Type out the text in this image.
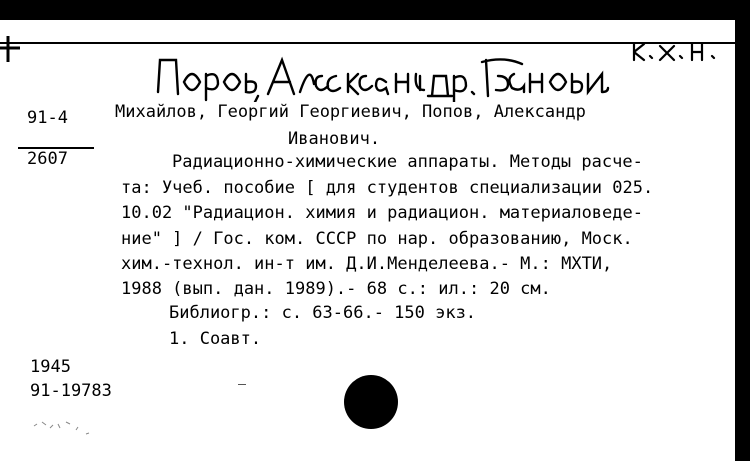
91-4
2607
Михайлов, Георгий Георгиевич, Попов, Александр
Иванович.
Радиационно-химические аппараты. Методы расче-
та: Учеб. пособие [ для студентов специализации 025.
10.02 "Радиацион. химия и радиацион. материаловеде-
ние" ] / Гос. ком. СССР по нар. образованию, Моск.
хим.-технол. ин-т им. Д.И.Менделеева.- М.: МХТИ,
1988 (вып. дан. 1989).- 68 с.: ил.: 20 см.
Библиогр.: с. 63-66.- 150 экз.
1. Соавт.
1945
91-19783
